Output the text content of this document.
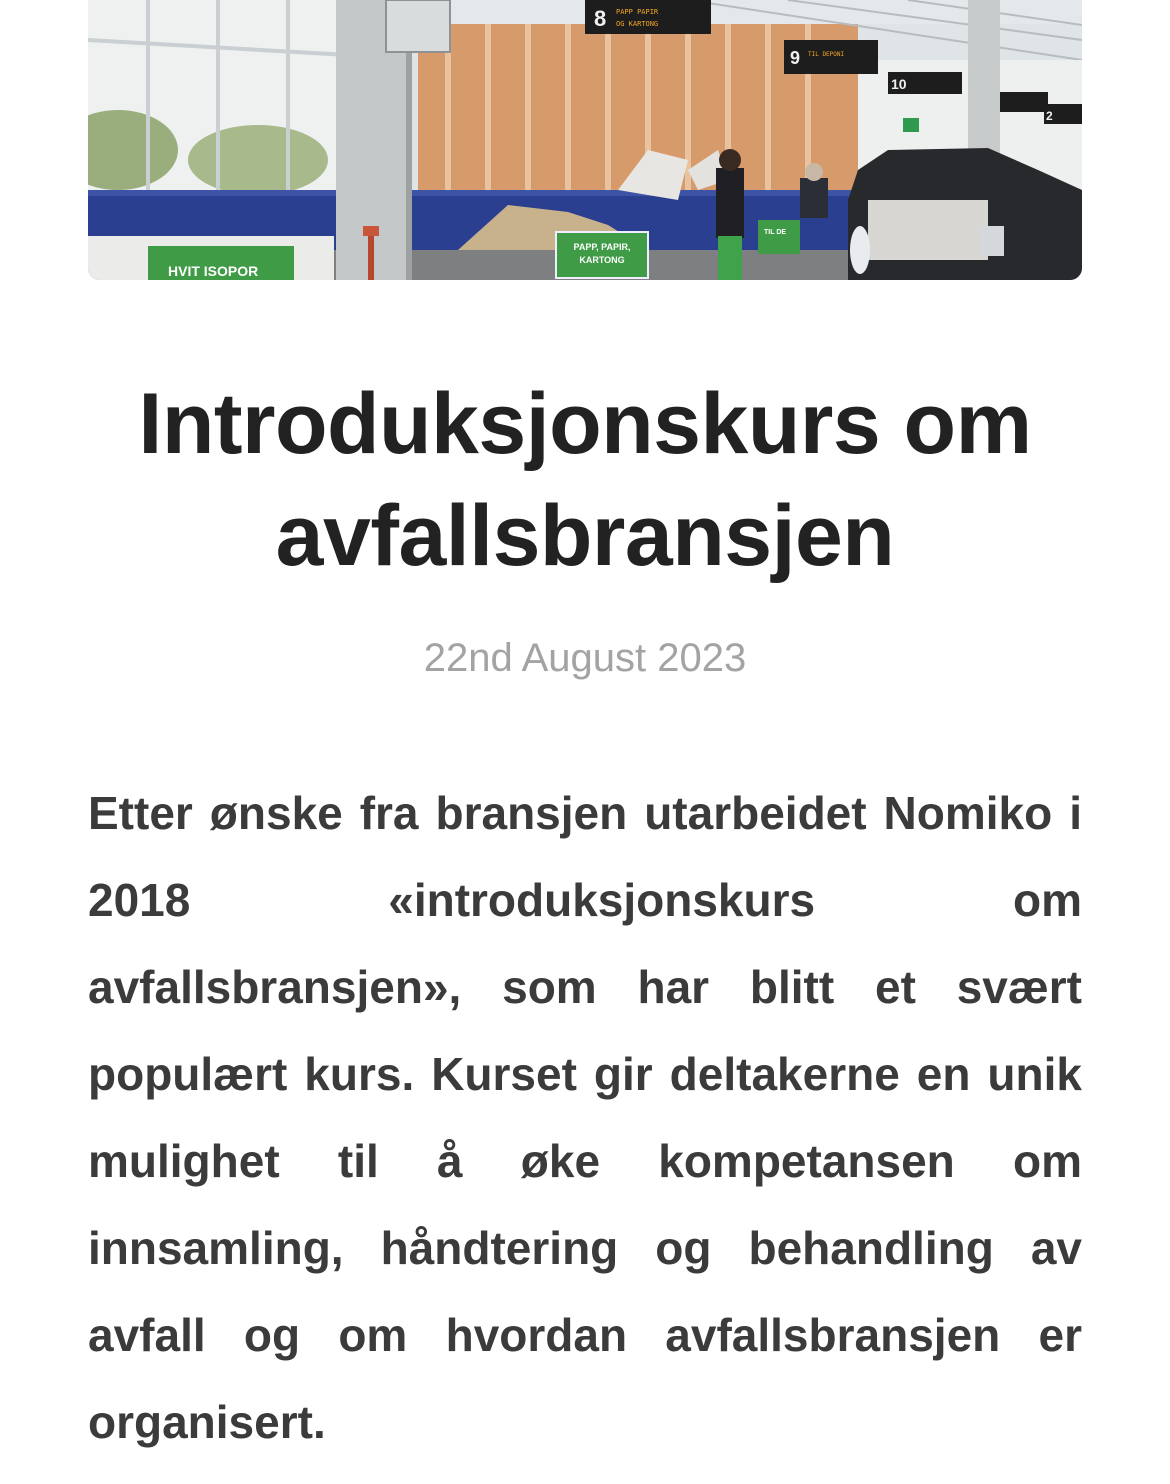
8 PAPP PAPIR
OG KARTONG
9 TIL DEPONI
10
2
HVIT ISOPOR
PAPP, PAPIR,
KARTONG
TIL DE
Introduksjonskurs om avfallsbransjen
22nd August 2023

Etter ønske fra bransjen utarbeidet Nomiko i 2018 «introduksjonskurs om avfallsbransjen», som har blitt et svært populært kurs. Kurset gir deltakerne en unik mulighet til å øke kompetansen om innsamling, håndtering og behandling av avfall og om hvordan avfallsbransjen er organisert.
